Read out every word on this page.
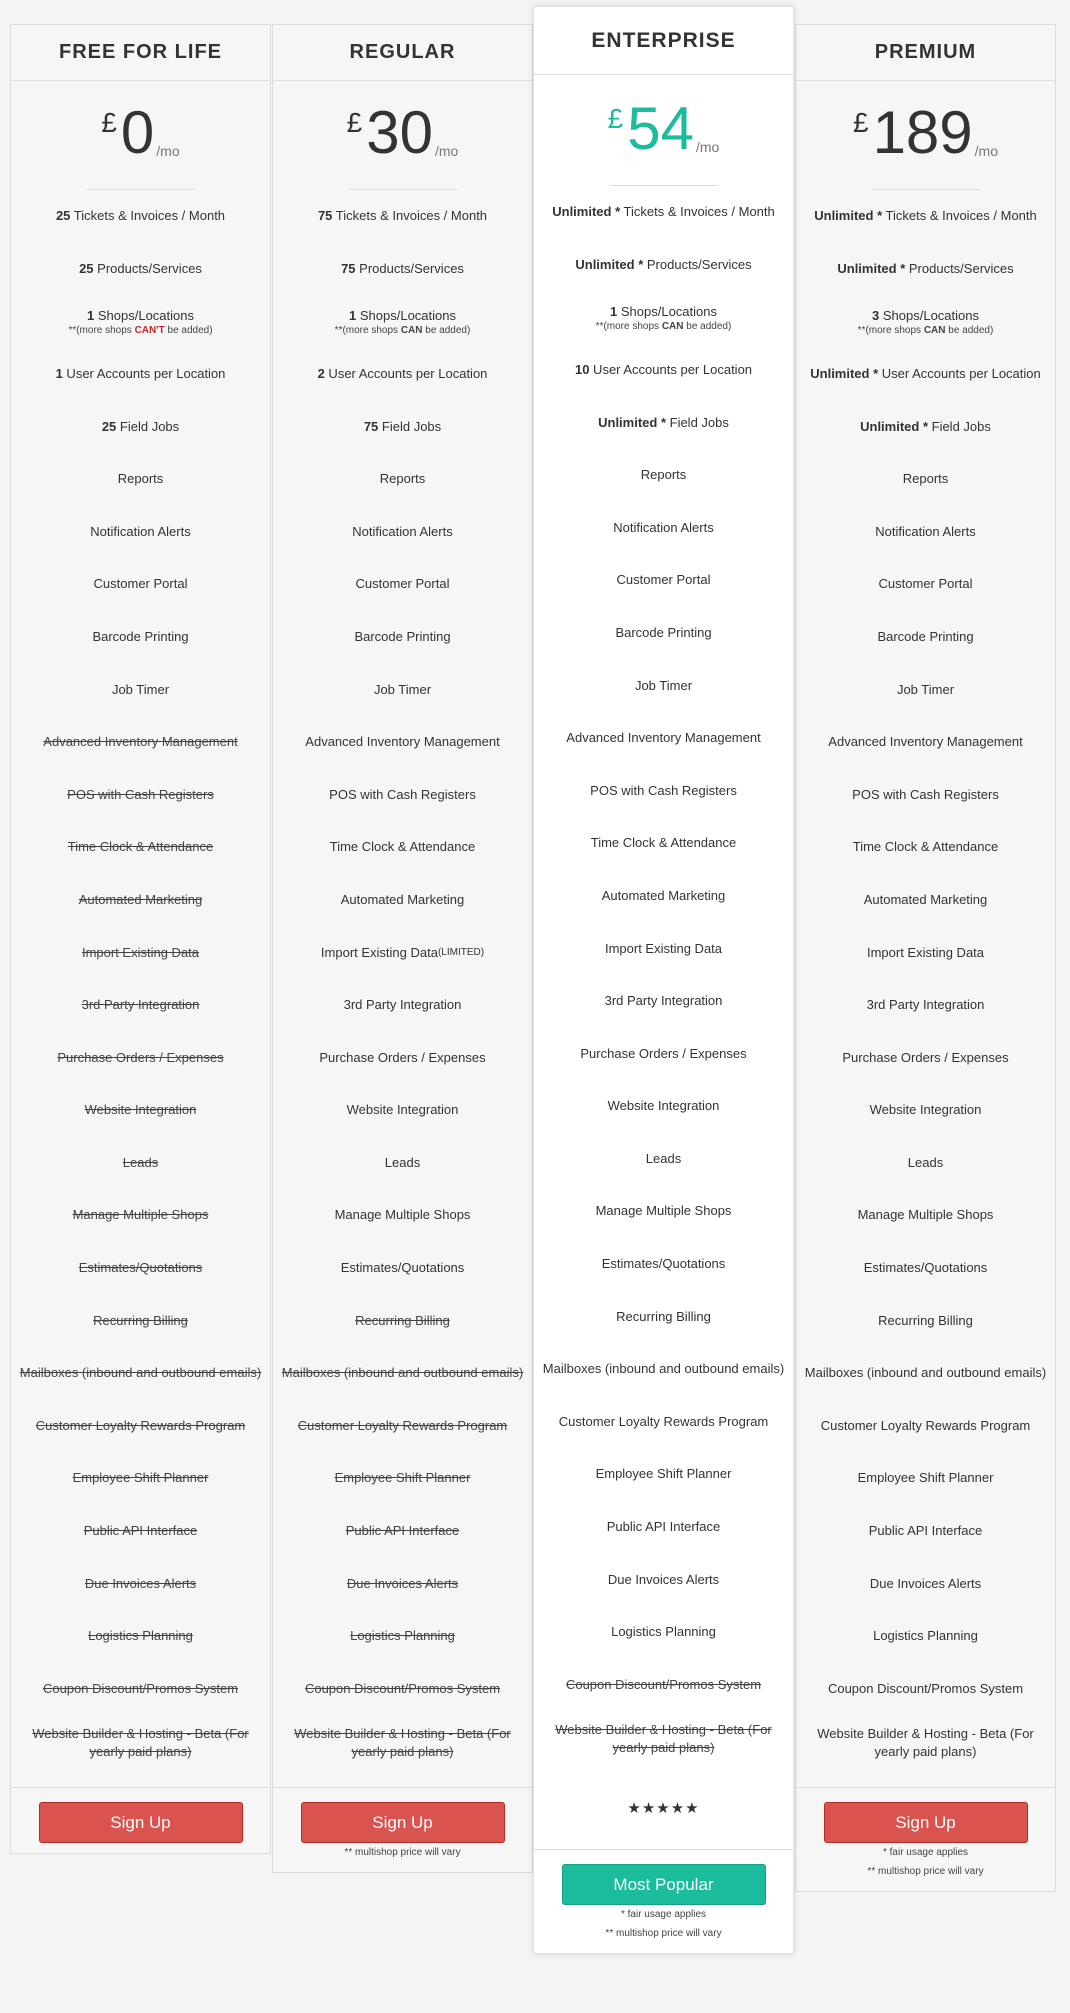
FREE FOR LIFE
£ 0 /mo
25 Tickets & Invoices / Month
25 Products/Services
1 Shops/Locations
**(more shops CAN'T be added)
1 User Accounts per Location
25 Field Jobs
Reports
Notification Alerts
Customer Portal
Barcode Printing
Job Timer
Advanced Inventory Management
POS with Cash Registers
Time Clock & Attendance
Automated Marketing
Import Existing Data
3rd Party Integration
Purchase Orders / Expenses
Website Integration
Leads
Manage Multiple Shops
Estimates/Quotations
Recurring Billing
Mailboxes (inbound and outbound emails)
Customer Loyalty Rewards Program
Employee Shift Planner
Public API Interface
Due Invoices Alerts
Logistics Planning
Coupon Discount/Promos System
Website Builder & Hosting - Beta (For yearly paid plans)
Sign Up
REGULAR
£ 30 /mo
75 Tickets & Invoices / Month
75 Products/Services
1 Shops/Locations
**(more shops CAN be added)
2 User Accounts per Location
75 Field Jobs
Reports
Notification Alerts
Customer Portal
Barcode Printing
Job Timer
Advanced Inventory Management
POS with Cash Registers
Time Clock & Attendance
Automated Marketing
Import Existing Data (LIMITED)
3rd Party Integration
Purchase Orders / Expenses
Website Integration
Leads
Manage Multiple Shops
Estimates/Quotations
Recurring Billing
Mailboxes (inbound and outbound emails)
Customer Loyalty Rewards Program
Employee Shift Planner
Public API Interface
Due Invoices Alerts
Logistics Planning
Coupon Discount/Promos System
Website Builder & Hosting - Beta (For yearly paid plans)
Sign Up
** multishop price will vary
ENTERPRISE
£ 54 /mo
Unlimited * Tickets & Invoices / Month
Unlimited * Products/Services
1 Shops/Locations
**(more shops CAN be added)
10 User Accounts per Location
Unlimited * Field Jobs
Reports
Notification Alerts
Customer Portal
Barcode Printing
Job Timer
Advanced Inventory Management
POS with Cash Registers
Time Clock & Attendance
Automated Marketing
Import Existing Data
3rd Party Integration
Purchase Orders / Expenses
Website Integration
Leads
Manage Multiple Shops
Estimates/Quotations
Recurring Billing
Mailboxes (inbound and outbound emails)
Customer Loyalty Rewards Program
Employee Shift Planner
Public API Interface
Due Invoices Alerts
Logistics Planning
Coupon Discount/Promos System
Website Builder & Hosting - Beta (For yearly paid plans)
★★★★★
Most Popular
* fair usage applies
** multishop price will vary
PREMIUM
£ 189 /mo
Unlimited * Tickets & Invoices / Month
Unlimited * Products/Services
3 Shops/Locations
**(more shops CAN be added)
Unlimited * User Accounts per Location
Unlimited * Field Jobs
Reports
Notification Alerts
Customer Portal
Barcode Printing
Job Timer
Advanced Inventory Management
POS with Cash Registers
Time Clock & Attendance
Automated Marketing
Import Existing Data
3rd Party Integration
Purchase Orders / Expenses
Website Integration
Leads
Manage Multiple Shops
Estimates/Quotations
Recurring Billing
Mailboxes (inbound and outbound emails)
Customer Loyalty Rewards Program
Employee Shift Planner
Public API Interface
Due Invoices Alerts
Logistics Planning
Coupon Discount/Promos System
Website Builder & Hosting - Beta (For yearly paid plans)
Sign Up
* fair usage applies
** multishop price will vary
